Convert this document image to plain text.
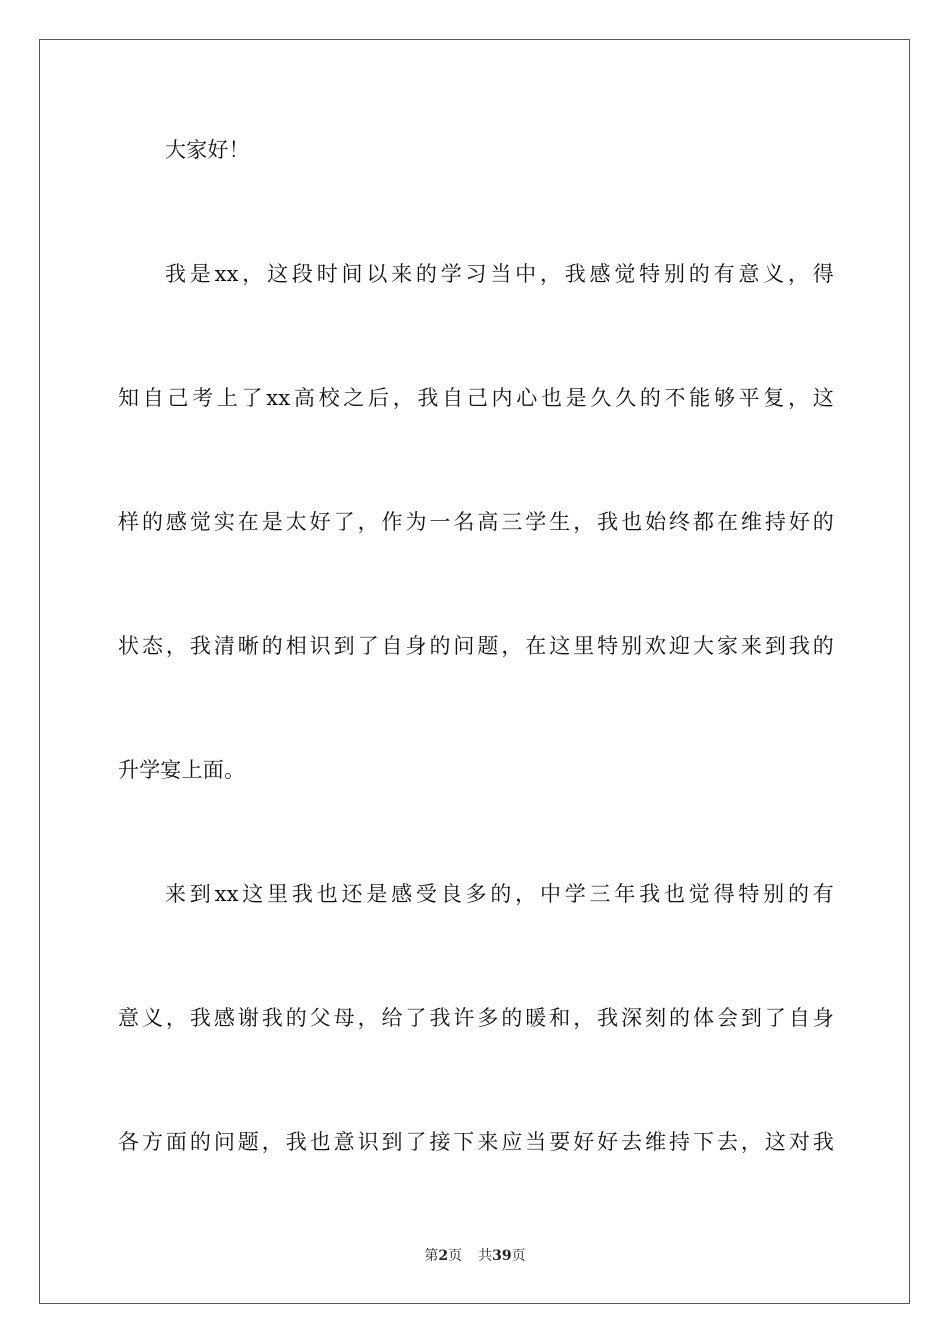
大家好！
我是xx，这段时间以来的学习当中，我感觉特别的有意义，得
知自己考上了xx高校之后，我自己内心也是久久的不能够平复，这
样的感觉实在是太好了，作为一名高三学生，我也始终都在维持好的
状态，我清晰的相识到了自身的问题，在这里特别欢迎大家来到我的
升学宴上面。
来到xx这里我也还是感受良多的，中学三年我也觉得特别的有
意义，我感谢我的父母，给了我许多的暖和，我深刻的体会到了自身
各方面的问题，我也意识到了接下来应当要好好去维持下去，这对我
第2页 共39页
